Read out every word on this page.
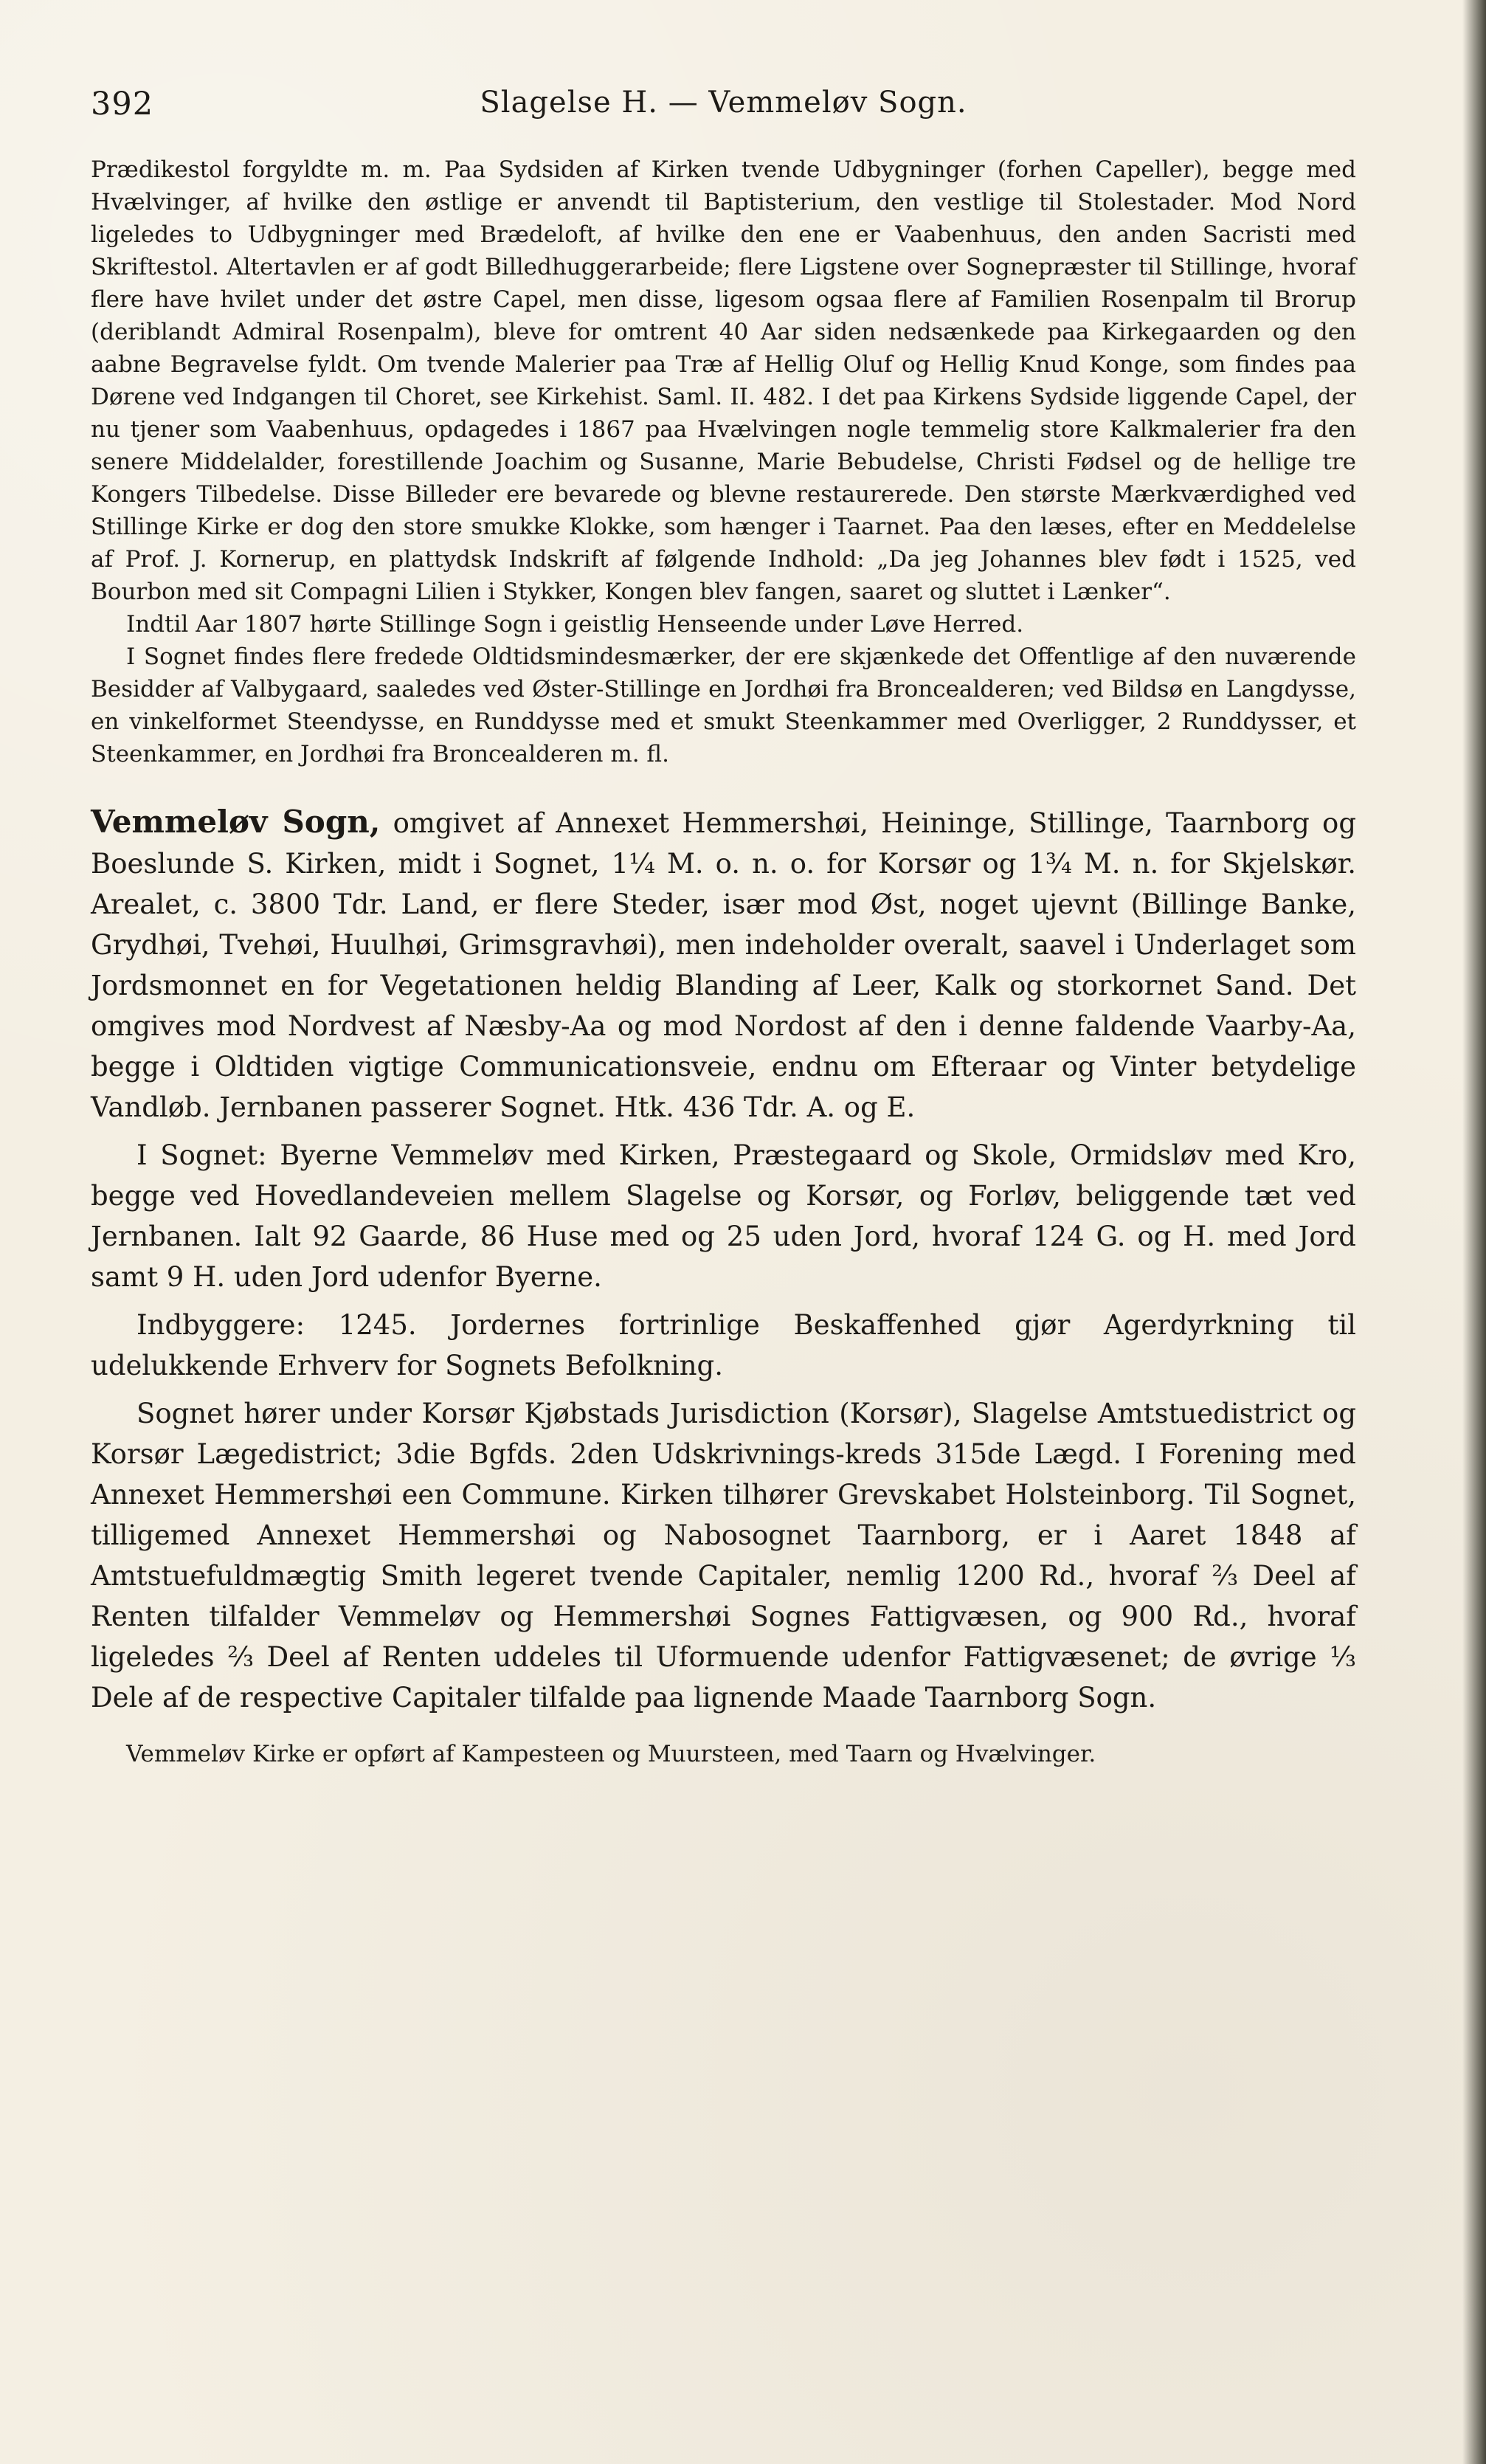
392	Slagelse H. — Vemmeløv Sogn.

Prædikestol forgyldte m. m. Paa Sydsiden af Kirken tvende Udbygninger (forhen Capeller), begge med Hvælvinger, af hvilke den østlige er anvendt til Baptisterium, den vestlige til Stolestader. Mod Nord ligeledes to Udbygninger med Brædeloft, af hvilke den ene er Vaabenhuus, den anden Sacristi med Skriftestol. Altertavlen er af godt Billedhuggerarbeide; flere Ligstene over Sognepræster til Stillinge, hvoraf flere have hvilet under det østre Capel, men disse, ligesom ogsaa flere af Familien Rosenpalm til Brorup (deriblandt Admiral Rosenpalm), bleve for omtrent 40 Aar siden nedsænkede paa Kirkegaarden og den aabne Begravelse fyldt. Om tvende Malerier paa Træ af Hellig Oluf og Hellig Knud Konge, som findes paa Dørene ved Indgangen til Choret, see Kirkehist. Saml. II. 482. I det paa Kirkens Sydside liggende Capel, der nu tjener som Vaabenhuus, opdagedes i 1867 paa Hvælvingen nogle temmelig store Kalkmalerier fra den senere Middelalder, forestillende Joachim og Susanne, Marie Bebudelse, Christi Fødsel og de hellige tre Kongers Tilbedelse. Disse Billeder ere bevarede og blevne restaurerede. Den største Mærkværdighed ved Stillinge Kirke er dog den store smukke Klokke, som hænger i Taarnet. Paa den læses, efter en Meddelelse af Prof. J. Kornerup, en plattydsk Indskrift af følgende Indhold: „Da jeg Johannes blev født i 1525, ved Bourbon med sit Compagni Lilien i Stykker, Kongen blev fangen, saaret og sluttet i Lænker“.

Indtil Aar 1807 hørte Stillinge Sogn i geistlig Henseende under Løve Herred.

I Sognet findes flere fredede Oldtidsmindesmærker, der ere skjænkede det Offentlige af den nuværende Besidder af Valbygaard, saaledes ved Øster-Stillinge en Jordhøi fra Broncealderen; ved Bildsø en Langdysse, en vinkelformet Steendysse, en Runddysse med et smukt Steenkammer med Overligger, 2 Runddysser, et Steenkammer, en Jordhøi fra Broncealderen m. fl.

Vemmeløv Sogn, omgivet af Annexet Hemmershøi, Heininge, Stillinge, Taarnborg og Boeslunde S. Kirken, midt i Sognet, 1¼ M. o. n. o. for Korsør og 1¾ M. n. for Skjelskør. Arealet, c. 3800 Tdr. Land, er flere Steder, især mod Øst, noget ujevnt (Billinge Banke, Grydhøi, Tvehøi, Huulhøi, Grimsgravhøi), men indeholder overalt, saavel i Underlaget som Jordsmonnet en for Vegetationen heldig Blanding af Leer, Kalk og storkornet Sand. Det omgives mod Nordvest af Næsby-Aa og mod Nordost af den i denne faldende Vaarby-Aa, begge i Oldtiden vigtige Communicationsveie, endnu om Efteraar og Vinter betydelige Vandløb. Jernbanen passerer Sognet. Htk. 436 Tdr. A. og E.

I Sognet: Byerne Vemmeløv med Kirken, Præstegaard og Skole, Ormidsløv med Kro, begge ved Hovedlandeveien mellem Slagelse og Korsør, og Forløv, beliggende tæt ved Jernbanen. Ialt 92 Gaarde, 86 Huse med og 25 uden Jord, hvoraf 124 G. og H. med Jord samt 9 H. uden Jord udenfor Byerne.

Indbyggere: 1245. Jordernes fortrinlige Beskaffenhed gjør Agerdyrkning til udelukkende Erhverv for Sognets Befolkning.

Sognet hører under Korsør Kjøbstads Jurisdiction (Korsør), Slagelse Amtstuedistrict og Korsør Lægedistrict; 3die Bgfds. 2den Udskrivnings-kreds 315de Lægd. I Forening med Annexet Hemmershøi een Commune. Kirken tilhører Grevskabet Holsteinborg. Til Sognet, tilligemed Annexet Hemmershøi og Nabosognet Taarnborg, er i Aaret 1848 af Amtstuefuldmægtig Smith legeret tvende Capitaler, nemlig 1200 Rd., hvoraf ⅔ Deel af Renten tilfalder Vemmeløv og Hemmershøi Sognes Fattigvæsen, og 900 Rd., hvoraf ligeledes ⅔ Deel af Renten uddeles til Uformuende udenfor Fattigvæsenet; de øvrige ⅓ Dele af de respective Capitaler tilfalde paa lignende Maade Taarnborg Sogn.

Vemmeløv Kirke er opført af Kampesteen og Muursteen, med Taarn og Hvælvinger.
